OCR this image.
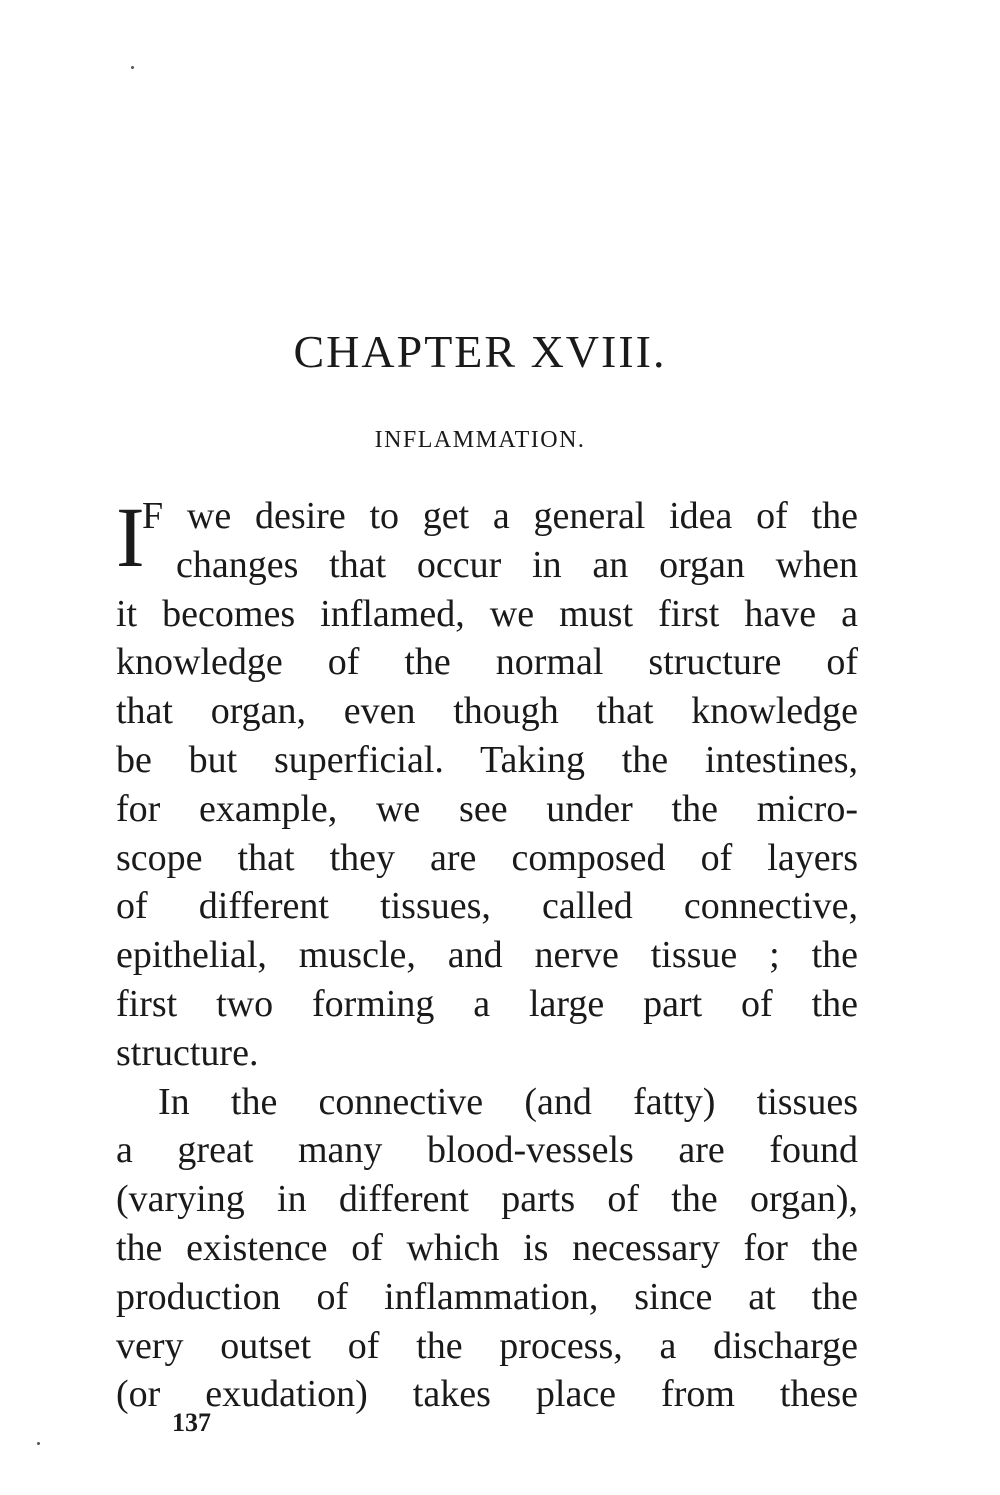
CHAPTER XVIII.
INFLAMMATION.
I
F we desire to get a general idea of the
changes that occur in an organ when
it becomes inflamed, we must first have a
knowledge of the normal structure of
that organ, even though that knowledge
be but superficial. Taking the intestines,
for example, we see under the micro-
scope that they are composed of layers
of different tissues, called connective,
epithelial, muscle, and nerve tissue ; the
first two forming a large part of the
structure.
In the connective (and fatty) tissues
a great many blood-vessels are found
(varying in different parts of the organ),
the existence of which is necessary for the
production of inflammation, since at the
very outset of the process, a discharge
(or exudation) takes place from these
137
